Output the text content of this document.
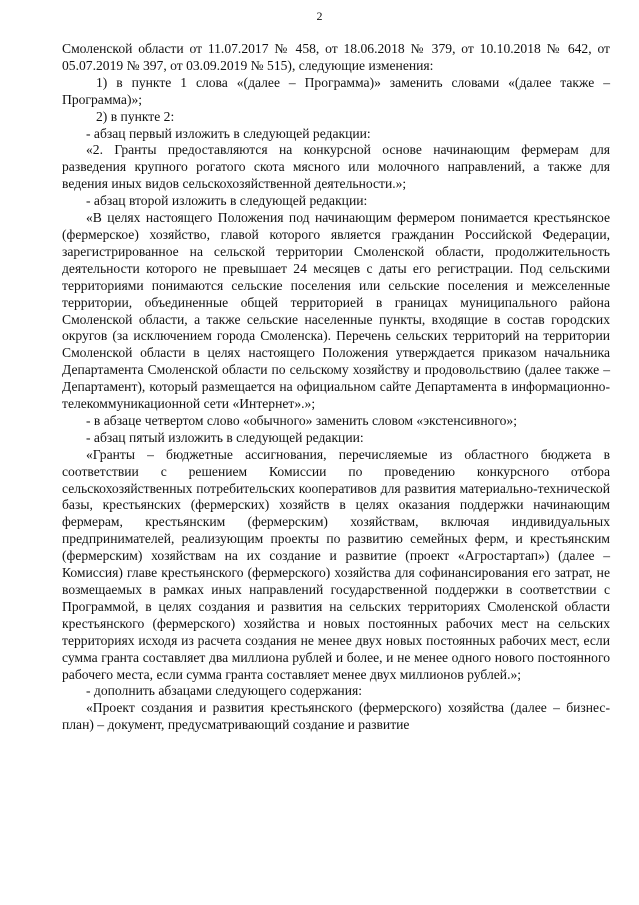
2

Смоленской области от 11.07.2017 № 458, от 18.06.2018 № 379, от 10.10.2018 № 642, от 05.07.2019 № 397, от 03.09.2019 № 515), следующие изменения:

1) в пункте 1 слова «(далее – Программа)» заменить словами «(далее также – Программа)»;

2) в пункте 2:

- абзац первый изложить в следующей редакции:

«2. Гранты предоставляются на конкурсной основе начинающим фермерам для разведения крупного рогатого скота мясного или молочного направлений, а также для ведения иных видов сельскохозяйственной деятельности.»;

- абзац второй изложить в следующей редакции:

«В целях настоящего Положения под начинающим фермером понимается крестьянское (фермерское) хозяйство, главой которого является гражданин Российской Федерации, зарегистрированное на сельской территории Смоленской области, продолжительность деятельности которого не превышает 24 месяцев с даты его регистрации. Под сельскими территориями понимаются сельские поселения или сельские поселения и межселенные территории, объединенные общей территорией в границах муниципального района Смоленской области, а также сельские населенные пункты, входящие в состав городских округов (за исключением города Смоленска). Перечень сельских территорий на территории Смоленской области в целях настоящего Положения утверждается приказом начальника Департамента Смоленской области по сельскому хозяйству и продовольствию (далее также – Департамент), который размещается на официальном сайте Департамента в информационно-телекоммуникационной сети «Интернет».»;

- в абзаце четвертом слово «обычного» заменить словом «экстенсивного»;

- абзац пятый изложить в следующей редакции:

«Гранты – бюджетные ассигнования, перечисляемые из областного бюджета в соответствии с решением Комиссии по проведению конкурсного отбора сельскохозяйственных потребительских кооперативов для развития материально-технической базы, крестьянских (фермерских) хозяйств в целях оказания поддержки начинающим фермерам, крестьянским (фермерским) хозяйствам, включая индивидуальных предпринимателей, реализующим проекты по развитию семейных ферм, и крестьянским (фермерским) хозяйствам на их создание и развитие (проект «Агростартап») (далее – Комиссия) главе крестьянского (фермерского) хозяйства для софинансирования его затрат, не возмещаемых в рамках иных направлений государственной поддержки в соответствии с Программой, в целях создания и развития на сельских территориях Смоленской области крестьянского (фермерского) хозяйства и новых постоянных рабочих мест на сельских территориях исходя из расчета создания не менее двух новых постоянных рабочих мест, если сумма гранта составляет два миллиона рублей и более, и не менее одного нового постоянного рабочего места, если сумма гранта составляет менее двух миллионов рублей.»;

- дополнить абзацами следующего содержания:

«Проект создания и развития крестьянского (фермерского) хозяйства (далее – бизнес-план) – документ, предусматривающий создание и развитие
